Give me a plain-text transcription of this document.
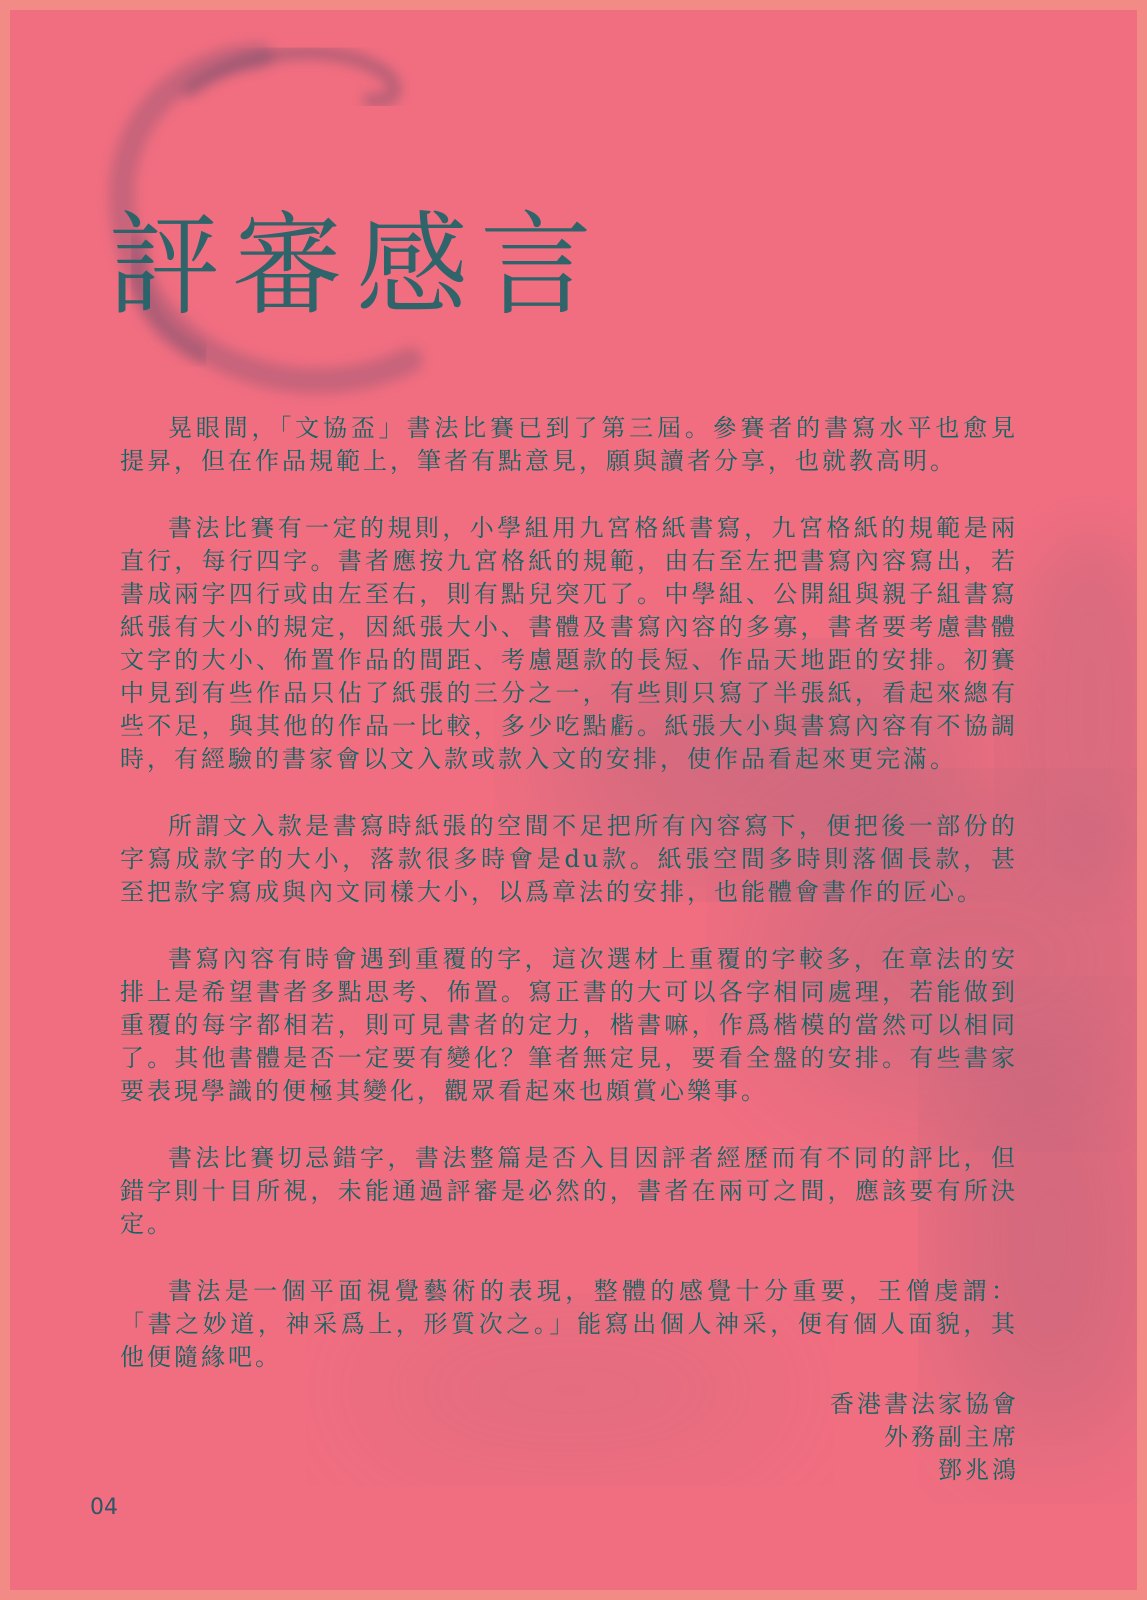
評審感言

晃眼間，「文協盃」書法比賽已到了第三屆。參賽者的書寫水平也愈見提昇，但在作品規範上，筆者有點意見，願與讀者分享，也就教高明。

書法比賽有一定的規則，小學組用九宮格紙書寫，九宮格紙的規範是兩直行，每行四字。書者應按九宮格紙的規範，由右至左把書寫內容寫出，若書成兩字四行或由左至右，則有點兒突兀了。中學組、公開組與親子組書寫紙張有大小的規定，因紙張大小、書體及書寫內容的多寡，書者要考慮書體文字的大小、佈置作品的間距、考慮題款的長短、作品天地距的安排。初賽中見到有些作品只佔了紙張的三分之一，有些則只寫了半張紙，看起來總有些不足，與其他的作品一比較，多少吃點虧。紙張大小與書寫內容有不協調時，有經驗的書家會以文入款或款入文的安排，使作品看起來更完滿。

所謂文入款是書寫時紙張的空間不足把所有內容寫下，便把後一部份的字寫成款字的大小，落款很多時會是du款。紙張空間多時則落個長款，甚至把款字寫成與內文同樣大小，以爲章法的安排，也能體會書作的匠心。

書寫內容有時會遇到重覆的字，這次選材上重覆的字較多，在章法的安排上是希望書者多點思考、佈置。寫正書的大可以各字相同處理，若能做到重覆的每字都相若，則可見書者的定力，楷書嘛，作爲楷模的當然可以相同了。其他書體是否一定要有變化？筆者無定見，要看全盤的安排。有些書家要表現學識的便極其變化，觀眾看起來也頗賞心樂事。

書法比賽切忌錯字，書法整篇是否入目因評者經歷而有不同的評比，但錯字則十目所視，未能通過評審是必然的，書者在兩可之間，應該要有所決定。

書法是一個平面視覺藝術的表現，整體的感覺十分重要，王僧虔謂：「書之妙道，神采爲上，形質次之。」能寫出個人神采，便有個人面貌，其他便隨緣吧。

香港書法家協會
外務副主席
鄧兆鴻
04
